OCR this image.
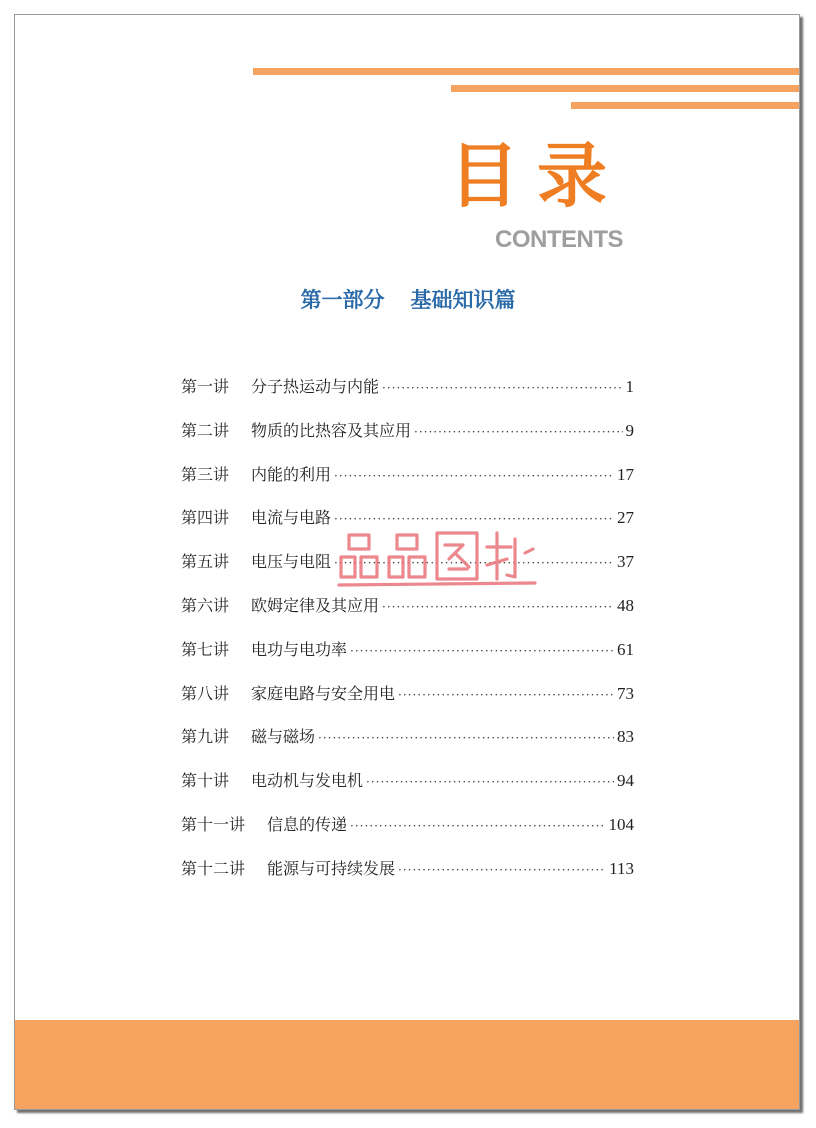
目录
CONTENTS
第一部分 基础知识篇
第一讲 分子热运动与内能 ·····	1
第二讲 物质的比热容及其应用 ·····	9
第三讲 内能的利用 ·····	17
第四讲 电流与电路 ·····	27
第五讲 电压与电阻 ·····	37
第六讲 欧姆定律及其应用 ·····	48
第七讲 电功与电功率 ·····	61
第八讲 家庭电路与安全用电 ·····	73
第九讲 磁与磁场 ·····	83
第十讲 电动机与发电机 ·····	94
第十一讲 信息的传递 ·····	104
第十二讲 能源与可持续发展 ·····	113
